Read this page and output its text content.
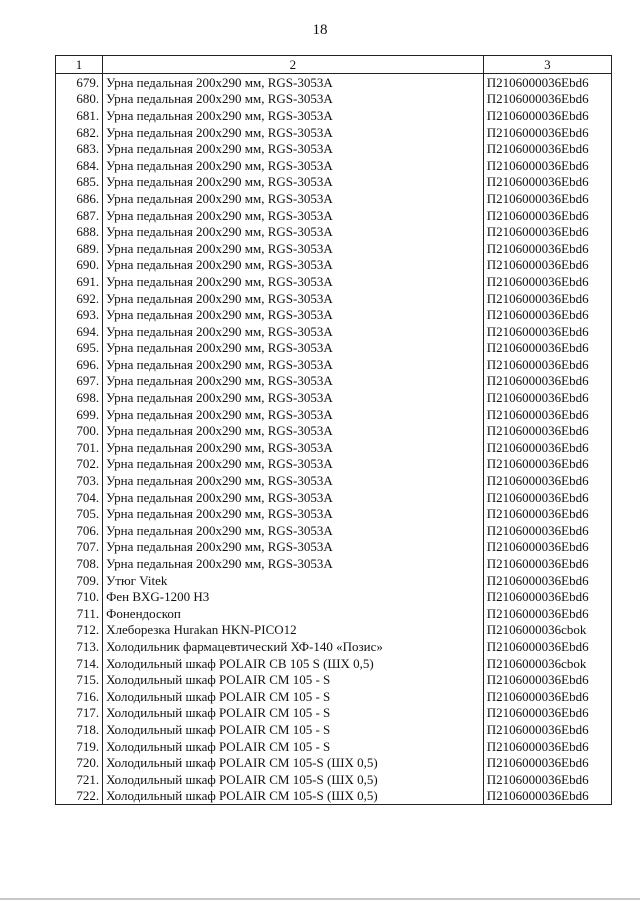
18
1	2	3
679.	Урна педальная 200х290 мм, RGS-3053A	П2106000036Ebd6
680.	Урна педальная 200х290 мм, RGS-3053A	П2106000036Ebd6
681.	Урна педальная 200х290 мм, RGS-3053A	П2106000036Ebd6
682.	Урна педальная 200х290 мм, RGS-3053A	П2106000036Ebd6
683.	Урна педальная 200х290 мм, RGS-3053A	П2106000036Ebd6
684.	Урна педальная 200х290 мм, RGS-3053A	П2106000036Ebd6
685.	Урна педальная 200х290 мм, RGS-3053A	П2106000036Ebd6
686.	Урна педальная 200х290 мм, RGS-3053A	П2106000036Ebd6
687.	Урна педальная 200х290 мм, RGS-3053A	П2106000036Ebd6
688.	Урна педальная 200х290 мм, RGS-3053A	П2106000036Ebd6
689.	Урна педальная 200х290 мм, RGS-3053A	П2106000036Ebd6
690.	Урна педальная 200х290 мм, RGS-3053A	П2106000036Ebd6
691.	Урна педальная 200х290 мм, RGS-3053A	П2106000036Ebd6
692.	Урна педальная 200х290 мм, RGS-3053A	П2106000036Ebd6
693.	Урна педальная 200х290 мм, RGS-3053A	П2106000036Ebd6
694.	Урна педальная 200х290 мм, RGS-3053A	П2106000036Ebd6
695.	Урна педальная 200х290 мм, RGS-3053A	П2106000036Ebd6
696.	Урна педальная 200х290 мм, RGS-3053A	П2106000036Ebd6
697.	Урна педальная 200х290 мм, RGS-3053A	П2106000036Ebd6
698.	Урна педальная 200х290 мм, RGS-3053A	П2106000036Ebd6
699.	Урна педальная 200х290 мм, RGS-3053A	П2106000036Ebd6
700.	Урна педальная 200х290 мм, RGS-3053A	П2106000036Ebd6
701.	Урна педальная 200х290 мм, RGS-3053A	П2106000036Ebd6
702.	Урна педальная 200х290 мм, RGS-3053A	П2106000036Ebd6
703.	Урна педальная 200х290 мм, RGS-3053A	П2106000036Ebd6
704.	Урна педальная 200х290 мм, RGS-3053A	П2106000036Ebd6
705.	Урна педальная 200х290 мм, RGS-3053A	П2106000036Ebd6
706.	Урна педальная 200х290 мм, RGS-3053A	П2106000036Ebd6
707.	Урна педальная 200х290 мм, RGS-3053A	П2106000036Ebd6
708.	Урна педальная 200х290 мм, RGS-3053A	П2106000036Ebd6
709.	Утюг Vitek	П2106000036Ebd6
710.	Фен BXG-1200 H3	П2106000036Ebd6
711.	Фонендоскоп	П2106000036Ebd6
712.	Хлеборезка Hurakan HKN-PICO12	П2106000036cbok
713.	Холодильник фармацевтический ХФ-140 «Позис»	П2106000036Ebd6
714.	Холодильный шкаф POLAIR CB 105 S (ШХ 0,5)	П2106000036cbok
715.	Холодильный шкаф POLAIR CM 105 - S	П2106000036Ebd6
716.	Холодильный шкаф POLAIR CM 105 - S	П2106000036Ebd6
717.	Холодильный шкаф POLAIR CM 105 - S	П2106000036Ebd6
718.	Холодильный шкаф POLAIR CM 105 - S	П2106000036Ebd6
719.	Холодильный шкаф POLAIR CM 105 - S	П2106000036Ebd6
720.	Холодильный шкаф POLAIR CM 105-S (ШХ 0,5)	П2106000036Ebd6
721.	Холодильный шкаф POLAIR CM 105-S (ШХ 0,5)	П2106000036Ebd6
722.	Холодильный шкаф POLAIR CM 105-S (ШХ 0,5)	П2106000036Ebd6
